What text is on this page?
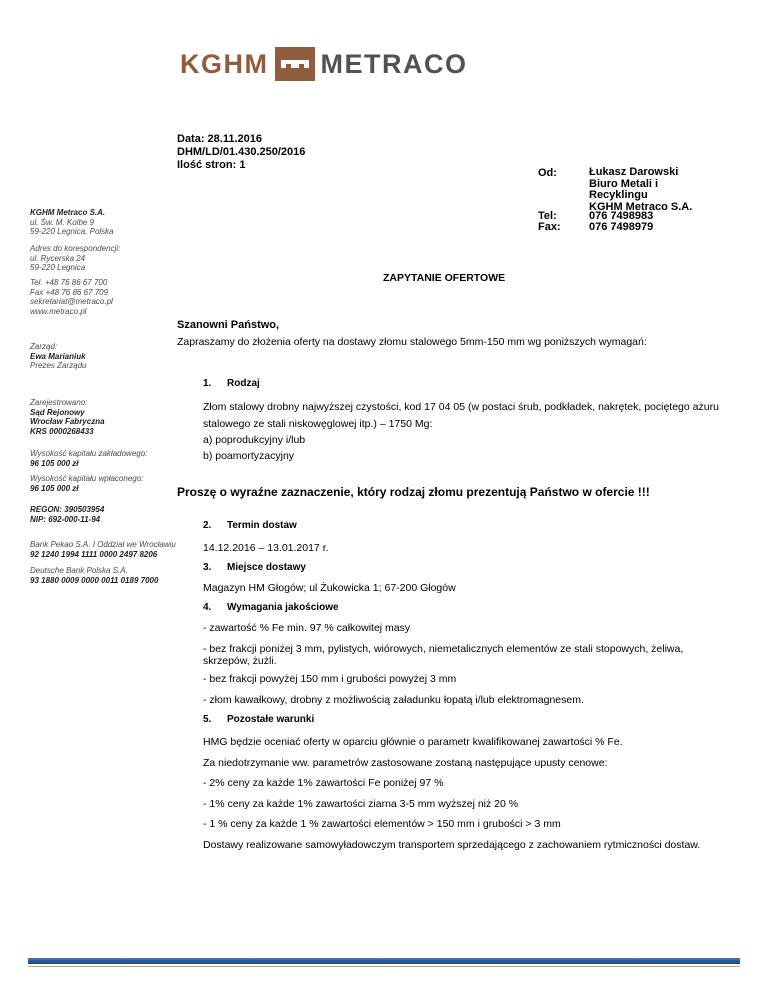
KGHM METRACO
Data: 28.11.2016
DHM/LD/01.430.250/2016
Ilość stron: 1
Od:	Łukasz Darowski
Biuro Metali i
Recyklingu
KGHM Metraco S.A.
Tel:
Fax:
076 7498983
076 7498979
KGHM Metraco S.A.
ul. Św. M. Kolbe 9
59-220 Legnica, Polska
Adres do korespondencji:
ul. Rycerska 24
59-220 Legnica
Tel. +48 76 86 67 700
Fax +48 76 86 67 709
sekretariat@metraco.pl
www.metraco.pl
Zarząd:
Ewa Marianiuk
Prezes Zarządu
Zarejestrowano:
Sąd Rejonowy
Wrocław Fabryczna
KRS 0000268433
Wysokość kapitału zakładowego:
96 105 000 zł
Wysokość kapitału wpłaconego:
96 105 000 zł
REGON: 390503954
NIP: 692-000-11-94
Bank Pekao S.A. I Oddział we Wrocławiu
92 1240 1994 1111 0000 2497 8206
Deutsche Bank Polska S.A.
93 1880 0009 0000 0011 0189 7000
ZAPYTANIE OFERTOWE
Szanowni Państwo,
Zapraszamy do złożenia oferty na dostawy złomu stalowego 5mm-150 mm wg poniższych wymagań:
1. Rodzaj
Złom stalowy drobny najwyższej czystości, kod 17 04 05 (w postaci śrub, podkładek, nakrętek, pociętego ażuru
stalowego ze stali niskowęglowej itp.) – 1750 Mg:
a) poprodukcyjny i/lub
b) poamortyzacyjny
Proszę o wyraźne zaznaczenie, który rodzaj złomu prezentują Państwo w ofercie !!!
2. Termin dostaw
14.12.2016 – 13.01.2017 r.
3. Miejsce dostawy
Magazyn HM Głogów; ul Żukowicka 1; 67-200 Głogów
4. Wymagania jakościowe
- zawartość % Fe min. 97 % całkowitej masy
- bez frakcji poniżej 3 mm, pylistych, wiórowych, niemetalicznych elementów ze stali stopowych, żeliwa,
skrzepów, żużli.
- bez frakcji powyżej 150 mm i grubości powyżej 3 mm
- złom kawałkowy, drobny z możliwością załadunku łopatą i/lub elektromagnesem.
5. Pozostałe warunki
HMG będzie oceniać oferty w oparciu głównie o parametr kwalifikowanej zawartości % Fe.
Za niedotrzymanie ww. parametrów zastosowane zostaną następujące upusty cenowe:
- 2% ceny za każde 1% zawartości Fe poniżej 97 %
- 1% ceny za każde 1% zawartości ziarna 3-5 mm wyższej niż 20 %
- 1 % ceny za każde 1 % zawartości elementów > 150 mm i grubości > 3 mm
Dostawy realizowane samowyładowczym transportem sprzedającego z zachowaniem rytmiczności dostaw.
